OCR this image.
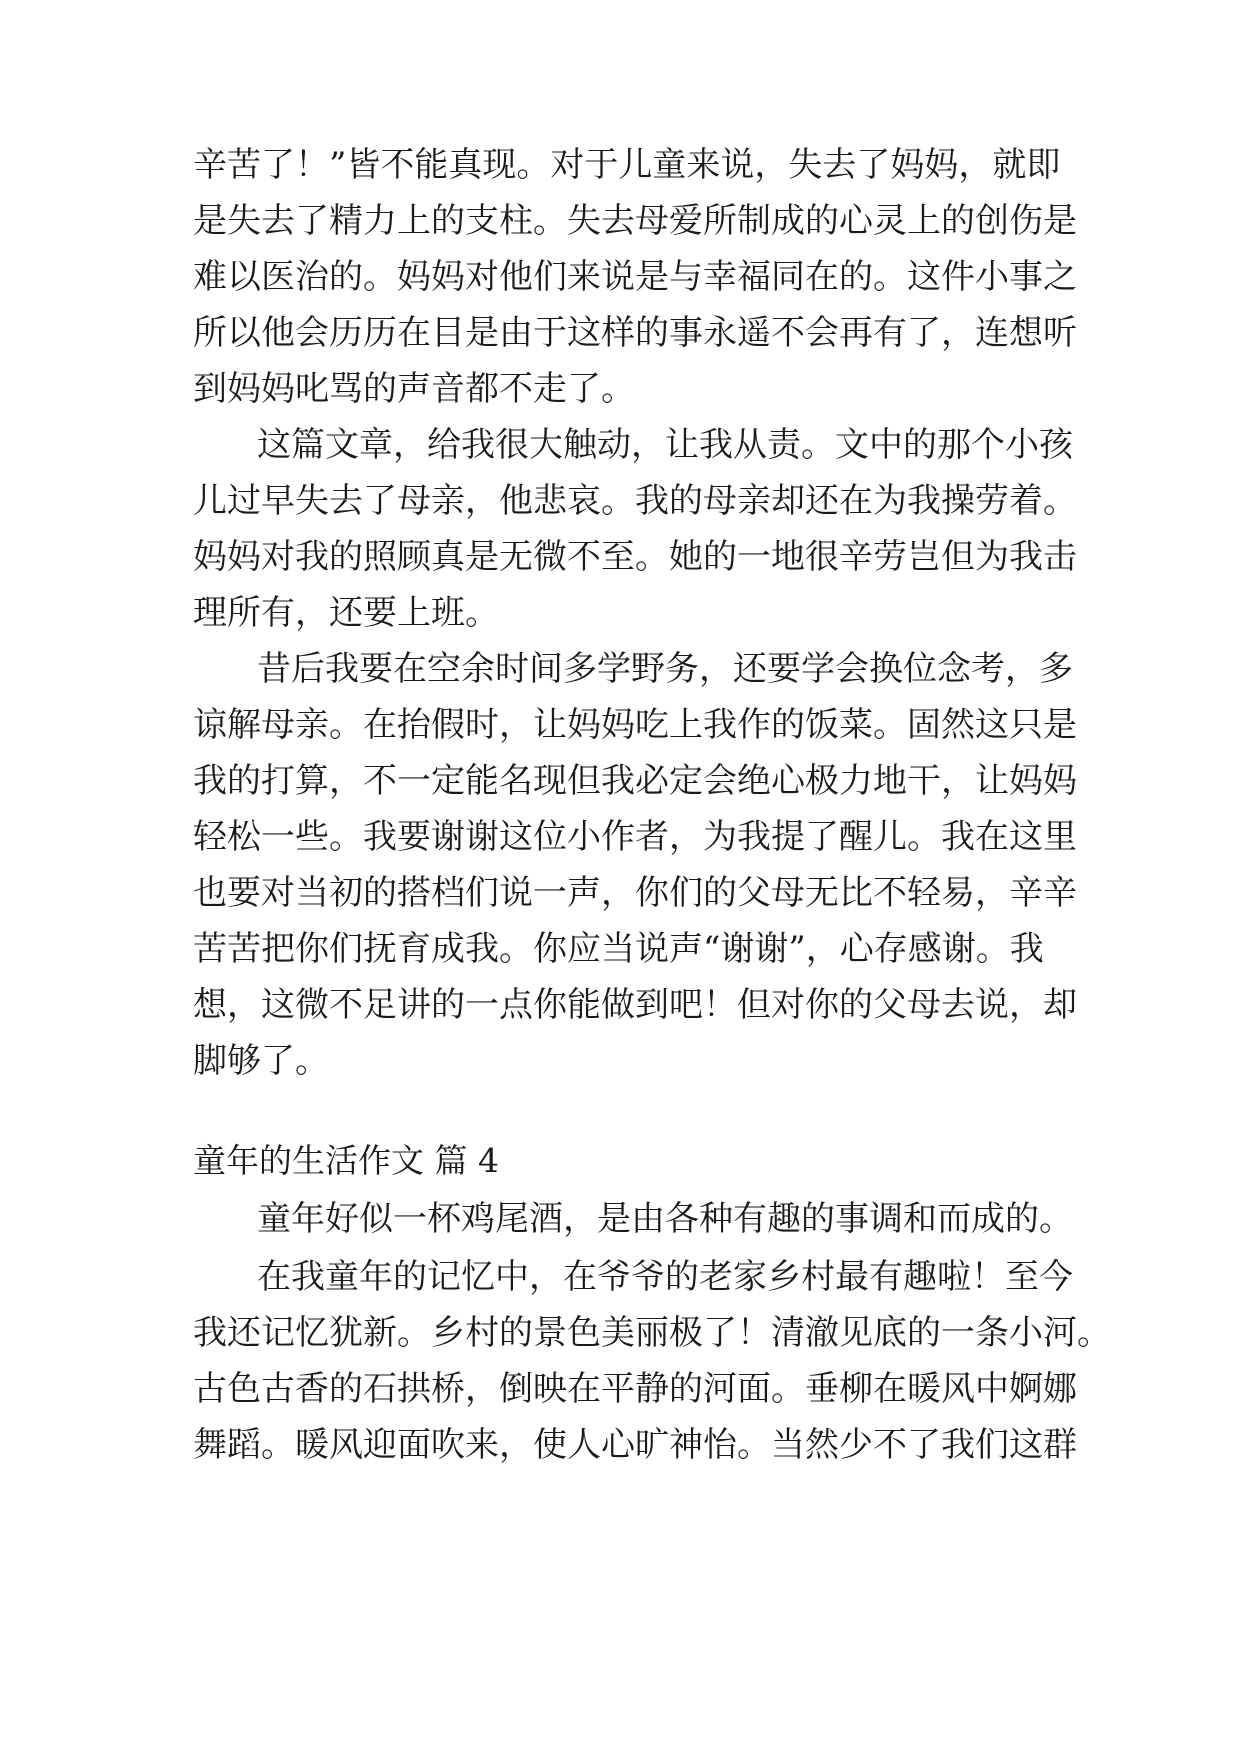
辛苦了！”皆不能真现。对于儿童来说，失去了妈妈，就即
是失去了精力上的支柱。失去母爱所制成的心灵上的创伤是
难以医治的。妈妈对他们来说是与幸福同在的。这件小事之
所以他会历历在目是由于这样的事永遥不会再有了，连想听
到妈妈叱骂的声音都不走了。
这篇文章，给我很大触动，让我从责。文中的那个小孩
儿过早失去了母亲，他悲哀。我的母亲却还在为我操劳着。
妈妈对我的照顾真是无微不至。她的一地很辛劳岂但为我击
理所有，还要上班。
昔后我要在空余时间多学野务，还要学会换位念考，多
谅解母亲。在抬假时，让妈妈吃上我作的饭菜。固然这只是
我的打算，不一定能名现但我必定会绝心极力地干，让妈妈
轻松一些。我要谢谢这位小作者，为我提了醒儿。我在这里
也要对当初的搭档们说一声，你们的父母无比不轻易，辛辛
苦苦把你们抚育成我。你应当说声“谢谢”，心存感谢。我
想，这微不足讲的一点你能做到吧！但对你的父母去说，却
脚够了。
童年的生活作文 篇 4
童年好似一杯鸡尾酒，是由各种有趣的事调和而成的。
在我童年的记忆中，在爷爷的老家乡村最有趣啦！至今
我还记忆犹新。乡村的景色美丽极了！清澈见底的一条小河。
古色古香的石拱桥，倒映在平静的河面。垂柳在暖风中婀娜
舞蹈。暖风迎面吹来，使人心旷神怡。当然少不了我们这群
